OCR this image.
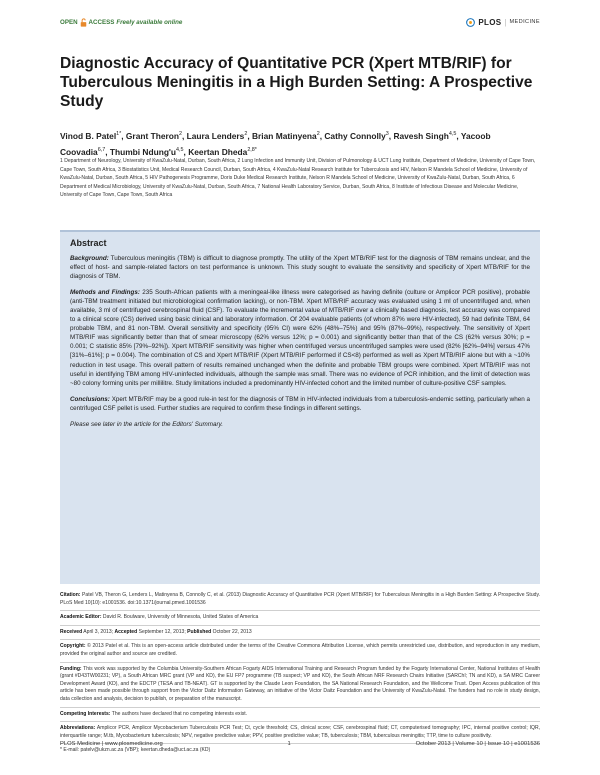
OPEN ACCESS Freely available online	PLOS | MEDICINE
Diagnostic Accuracy of Quantitative PCR (Xpert MTB/RIF) for Tuberculous Meningitis in a High Burden Setting: A Prospective Study
Vinod B. Patel$^{1*}$, Grant Theron$^2$, Laura Lenders$^2$, Brian Matinyena$^2$, Cathy Connolly$^3$, Ravesh Singh$^{4,5}$, Yacoob Coovadia$^{6,7}$, Thumbi $Ndung'u^{4,5}$, Keertan Dheda$^{2,8*}$
1 Department of Neurology, University of KwaZulu-Natal, Durban, South Africa, 2 Lung Infection and Immunity Unit, Division of Pulmonology & UCT Lung Institute, Department of Medicine, University of Cape Town, Cape Town, South Africa, 3 Biostatistics Unit, Medical Research Council, Durban, South Africa, 4 KwaZulu-Natal Research Institute for Tuberculosis and HIV, Nelson R Mandela School of Medicine, University of KwaZulu-Natal, Durban, South Africa, 5 HIV Pathogenesis Programme, Doris Duke Medical Research Institute, Nelson R Mandela School of Medicine, University of KwaZulu-Natal, Durban, South Africa, 6 Department of Medical Microbiology, University of KwaZulu-Natal, Durban, South Africa, 7 National Health Laboratory Service, Durban, South Africa, 8 Institute of Infectious Disease and Molecular Medicine, University of Cape Town, Cape Town, South Africa
Abstract

Background: Tuberculous meningitis (TBM) is difficult to diagnose promptly. The utility of the Xpert MTB/RIF test for the diagnosis of TBM remains unclear, and the effect of host- and sample-related factors on test performance is unknown. This study sought to evaluate the sensitivity and specificity of Xpert MTB/RIF for the diagnosis of TBM.

Methods and Findings: 235 South-African patients with a meningeal-like illness were categorised as having definite (culture or Amplicor PCR positive), probable (anti-TBM treatment initiated but microbiological confirmation lacking), or non-TBM. Xpert MTB/RIF accuracy was evaluated using 1 ml of uncentrifuged and, when available, 3 ml of centrifuged cerebrospinal fluid (CSF). To evaluate the incremental value of MTB/RIF over a clinically based diagnosis, test accuracy was compared to a clinical score (CS) derived using basic clinical and laboratory information. Of 204 evaluable patients (of whom 87% were HIV-infected), 59 had definite TBM, 64 probable TBM, and 81 non-TBM. Overall sensitivity and specificity (95% CI) were 62% (48%–75%) and 95% (87%–99%), respectively. The sensitivity of Xpert MTB/RIF was significantly better than that of smear microscopy (62% versus 12%; p = 0.001) and significantly better than that of the CS (62% versus 30%; p = 0.001; C statistic 85% [79%–92%]). Xpert MTB/RIF sensitivity was higher when centrifuged versus uncentrifuged samples were used (82% [62%–94%] versus 47% [31%–61%]; p = 0.004). The combination of CS and Xpert MTB/RIF (Xpert MTB/RIF performed if CS<8) performed as well as Xpert MTB/RIF alone but with a ~10% reduction in test usage. This overall pattern of results remained unchanged when the definite and probable TBM groups were combined. Xpert MTB/RIF was not useful in identifying TBM among HIV-uninfected individuals, although the sample was small. There was no evidence of PCR inhibition, and the limit of detection was ~80 colony forming units per millilitre. Study limitations included a predominantly HIV-infected cohort and the limited number of culture-positive CSF samples.

Conclusions: Xpert MTB/RIF may be a good rule-in test for the diagnosis of TBM in HIV-infected individuals from a tuberculosis-endemic setting, particularly when a centrifuged CSF pellet is used. Further studies are required to confirm these findings in different settings.

Please see later in the article for the Editors' Summary.

Citation: Patel VB, Theron G, Lenders L, Matinyena B, Connolly C, et al. (2013) Diagnostic Accuracy of Quantitative PCR (Xpert MTB/RIF) for Tuberculous Meningitis in a High Burden Setting: A Prospective Study. PLoS Med 10(10): e1001536. doi:10.1371/journal.pmed.1001536

Academic Editor: David R. Boulware, University of Minnesota, United States of America

Received April 3, 2013; Accepted September 12, 2013; Published October 22, 2013

Copyright: © 2013 Patel et al. This is an open-access article distributed under the terms of the Creative Commons Attribution License, which permits unrestricted use, distribution, and reproduction in any medium, provided the original author and source are credited.

Funding: This work was supported by the Columbia University-Southern African Fogarty AIDS International Training and Research Program funded by the Fogarty International Center, National Institutes of Health (grant #D43TW00231; VP), a South African MRC grant (VP and KD), the EU FP7 programme (TB suspect; VP and KD), the South African NRF Research Chairs Initiative (SARChI; TN and KD), a SA MRC Career Development Award (KD), and the EDCTP (TESA and TB-NEAT). GT is supported by the Claude Leon Foundation, the SA National Research Foundation, and the Wellcome Trust. Open Access publication of this article has been made possible through support from the Victor Daitz Information Gateway, an initiative of the Victor Daitz Foundation and the University of KwaZulu-Natal. The funders had no role in study design, data collection and analysis, decision to publish, or preparation of the manuscript.

Competing Interests: The authors have declared that no competing interests exist.

Abbreviations: Amplicor PCR, Amplicor Mycobacterium Tuberculosis PCR Test; Ct, cycle threshold; CS, clinical score; CSF, cerebrospinal fluid; CT, computerised tomography; IPC, internal positive control; IQR, interquartile range; M.tb, Mycobacterium tuberculosis; NPV, negative predictive value; PPV, positive predictive value; TB, tuberculosis; TBM, tuberculous meningitis; TTP, time to culture positivity.

* E-mail: patelv@ukzn.ac.za (VBP); keertan.dheda@uct.ac.za (KD)

PLOS Medicine | www.plosmedicine.org	1	October 2013 | Volume 10 | Issue 10 | e1001536
